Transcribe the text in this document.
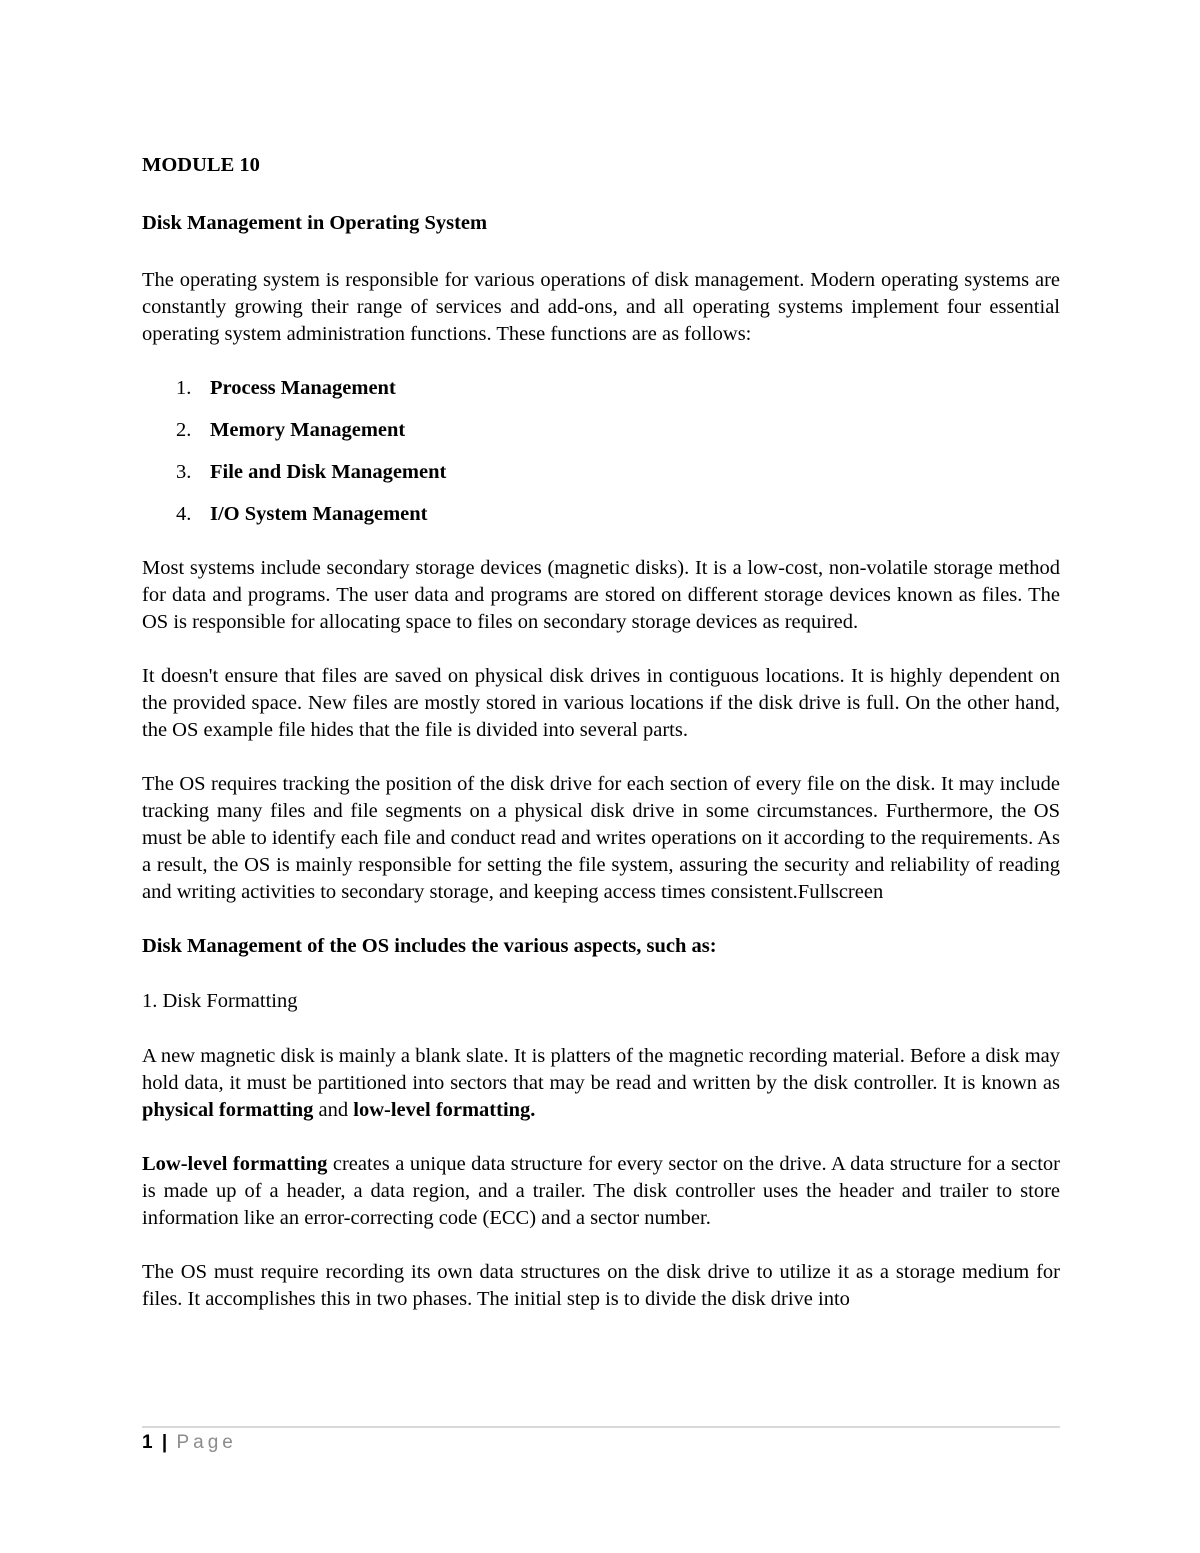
MODULE 10
Disk Management in Operating System

The operating system is responsible for various operations of disk management. Modern operating systems are constantly growing their range of services and add-ons, and all operating systems implement four essential operating system administration functions. These functions are as follows:

1. Process Management
2. Memory Management
3. File and Disk Management
4. I/O System Management

Most systems include secondary storage devices (magnetic disks). It is a low-cost, non-volatile storage method for data and programs. The user data and programs are stored on different storage devices known as files. The OS is responsible for allocating space to files on secondary storage devices as required.

It doesn't ensure that files are saved on physical disk drives in contiguous locations. It is highly dependent on the provided space. New files are mostly stored in various locations if the disk drive is full. On the other hand, the OS example file hides that the file is divided into several parts.

The OS requires tracking the position of the disk drive for each section of every file on the disk. It may include tracking many files and file segments on a physical disk drive in some circumstances. Furthermore, the OS must be able to identify each file and conduct read and writes operations on it according to the requirements. As a result, the OS is mainly responsible for setting the file system, assuring the security and reliability of reading and writing activities to secondary storage, and keeping access times consistent.Fullscreen

Disk Management of the OS includes the various aspects, such as:
1. Disk Formatting

A new magnetic disk is mainly a blank slate. It is platters of the magnetic recording material. Before a disk may hold data, it must be partitioned into sectors that may be read and written by the disk controller. It is known as physical formatting and low-level formatting.

Low-level formatting creates a unique data structure for every sector on the drive. A data structure for a sector is made up of a header, a data region, and a trailer. The disk controller uses the header and trailer to store information like an error-correcting code (ECC) and a sector number.

The OS must require recording its own data structures on the disk drive to utilize it as a storage medium for files. It accomplishes this in two phases. The initial step is to divide the disk drive into

1 | Page
